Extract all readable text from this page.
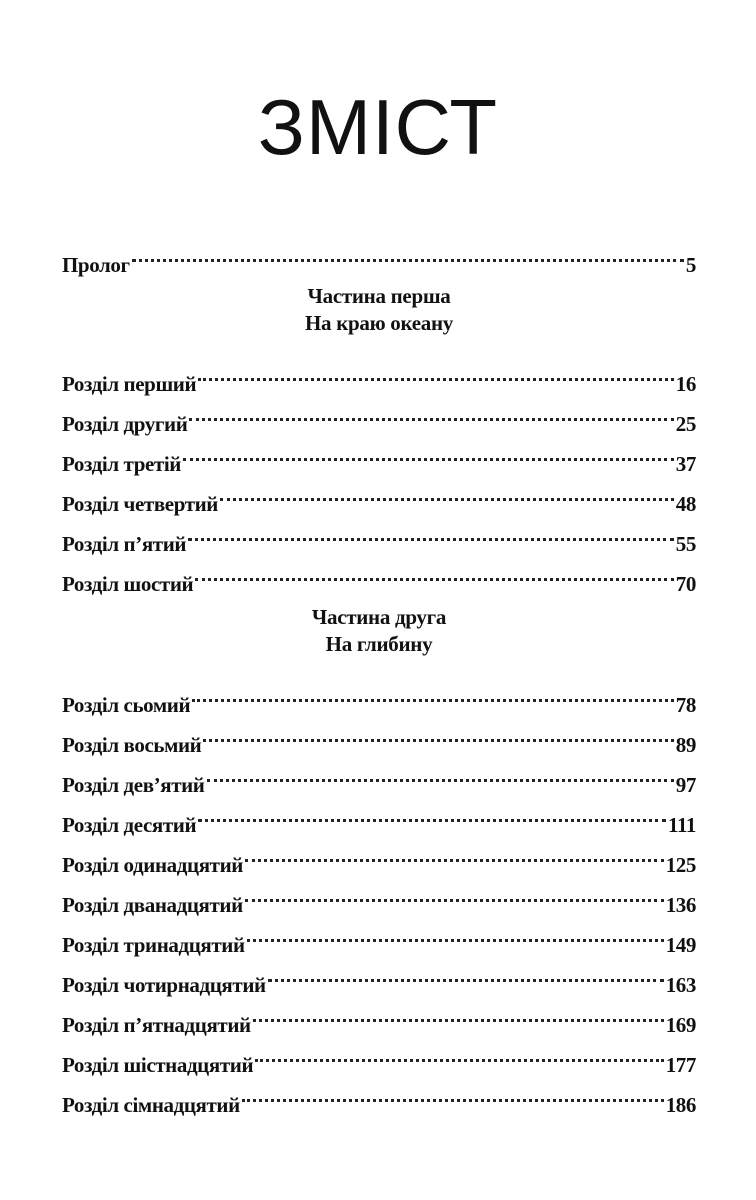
ЗМІСТ
Пролог	5
Частина перша
На краю океану
Розділ перший	16
Розділ другий	25
Розділ третій	37
Розділ четвертий	48
Розділ п’ятий	55
Розділ шостий	70
Частина друга
На глибину
Розділ сьомий	78
Розділ восьмий	89
Розділ дев’ятий	97
Розділ десятий	111
Розділ одинадцятий	125
Розділ дванадцятий	136
Розділ тринадцятий	149
Розділ чотирнадцятий	163
Розділ п’ятнадцятий	169
Розділ шістнадцятий	177
Розділ сімнадцятий	186
